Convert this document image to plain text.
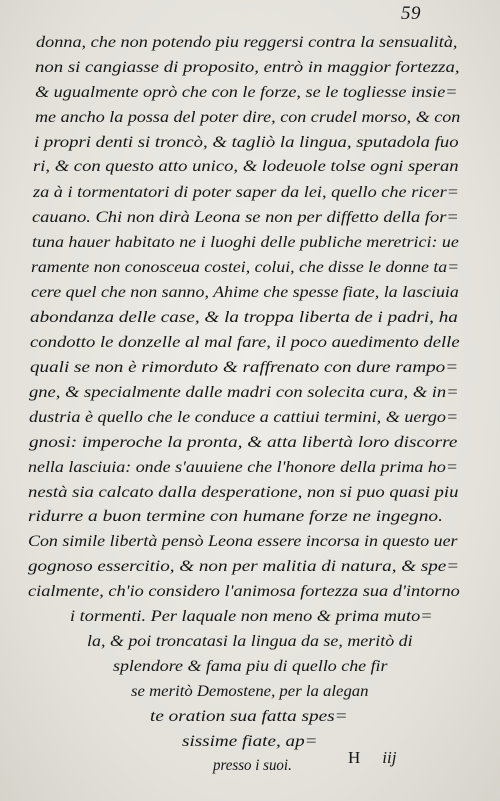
59
donna, che non potendo piu reggersi contra la sensualità,
non si cangiasse di proposito, entrò in maggior fortezza,
& ugualmente oprò che con le forze, se le togliesse insie=
me ancho la possa del poter dire, con crudel morso, & con
i propri denti si troncò, & tagliò la lingua, sputadola fuo
ri, & con questo atto unico, & lodeuole tolse ogni speran
za à i tormentatori di poter saper da lei, quello che ricer=
cauano. Chi non dirà Leona se non per diffetto della for=
tuna hauer habitato ne i luoghi delle publiche meretrici: ue
ramente non conosceua costei, colui, che disse le donne ta=
cere quel che non sanno, Ahime che spesse fiate, la lasciuia
abondanza delle case, & la troppa liberta de i padri, ha
condotto le donzelle al mal fare, il poco auedimento delle
quali se non è rimorduto & raffrenato con dure rampo=
gne, & specialmente dalle madri con solecita cura, & in=
dustria è quello che le conduce a cattiui termini, & uergo=
gnosi: imperoche la pronta, & atta libertà loro discorre
nella lasciuia: onde s'auuiene che l'honore della prima ho=
nestà sia calcato dalla desperatione, non si puo quasi piu
ridurre a buon termine con humane forze ne ingegno.
Con simile libertà pensò Leona essere incorsa in questo uer
gognoso essercitio, & non per malitia di natura, & spe=
cialmente, ch'io considero l'animosa fortezza sua d'intorno
i tormenti. Per laquale non meno & prima muto=
la, & poi troncatasi la lingua da se, meritò di
splendore & fama piu di quello che fir
se meritò Demostene, per la alegan
te oration sua fatta spes=
sissime fiate, ap=
presso i suoi.	H iij
